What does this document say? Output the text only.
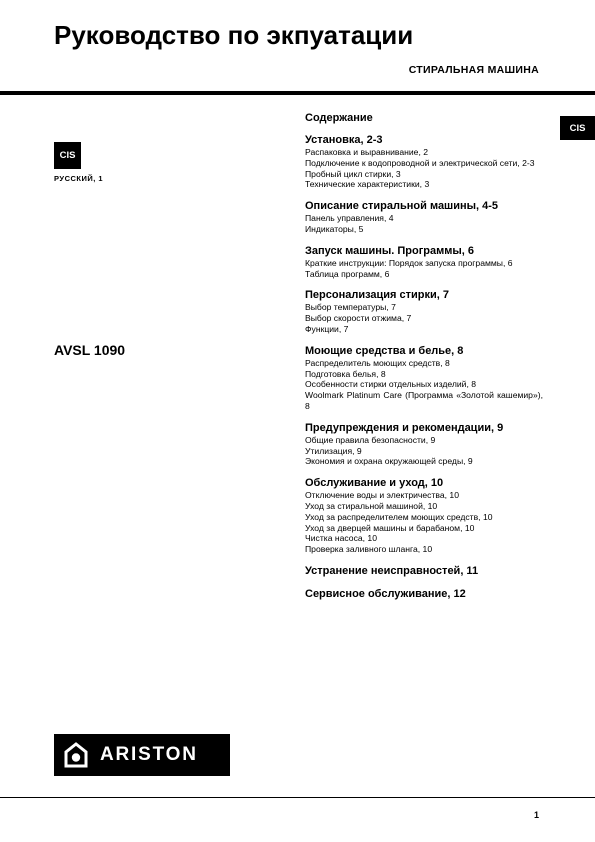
Руководство по экпуатации
СТИРАЛЬНАЯ МАШИНА
CIS
РУССКИЙ, 1
AVSL 1090
CIS
Содержание
Установка, 2-3
Распаковка и выравнивание, 2
Подключение к водопроводной и электрической сети, 2-3
Пробный цикл стирки, 3
Технические характеристики, 3
Описание стиральной машины, 4-5
Панель управления, 4
Индикаторы, 5
Запуск машины. Программы, 6
Краткие инструкции: Порядок запуска программы, 6
Таблица программ, 6
Персонализация стирки, 7
Выбор температуры, 7
Выбор скорости отжима, 7
Функции, 7
Моющие средства и белье, 8
Распределитель моющих средств, 8
Подготовка белья, 8
Особенности стирки отдельных изделий, 8
Woolmark Platinum Care (Программа «Золотой кашемир»), 8
Предупреждения и рекомендации, 9
Общие правила безопасности, 9
Утилизация, 9
Экономия и охрана окружающей среды, 9
Обслуживание и уход, 10
Отключение воды и электричества, 10
Уход за стиральной машиной, 10
Уход за распределителем моющих средств, 10
Уход за дверцей машины и барабаном, 10
Чистка насоса, 10
Проверка заливного шланга, 10
Устранение неисправностей, 11
Сервисное обслуживание, 12
ARISTON
1
